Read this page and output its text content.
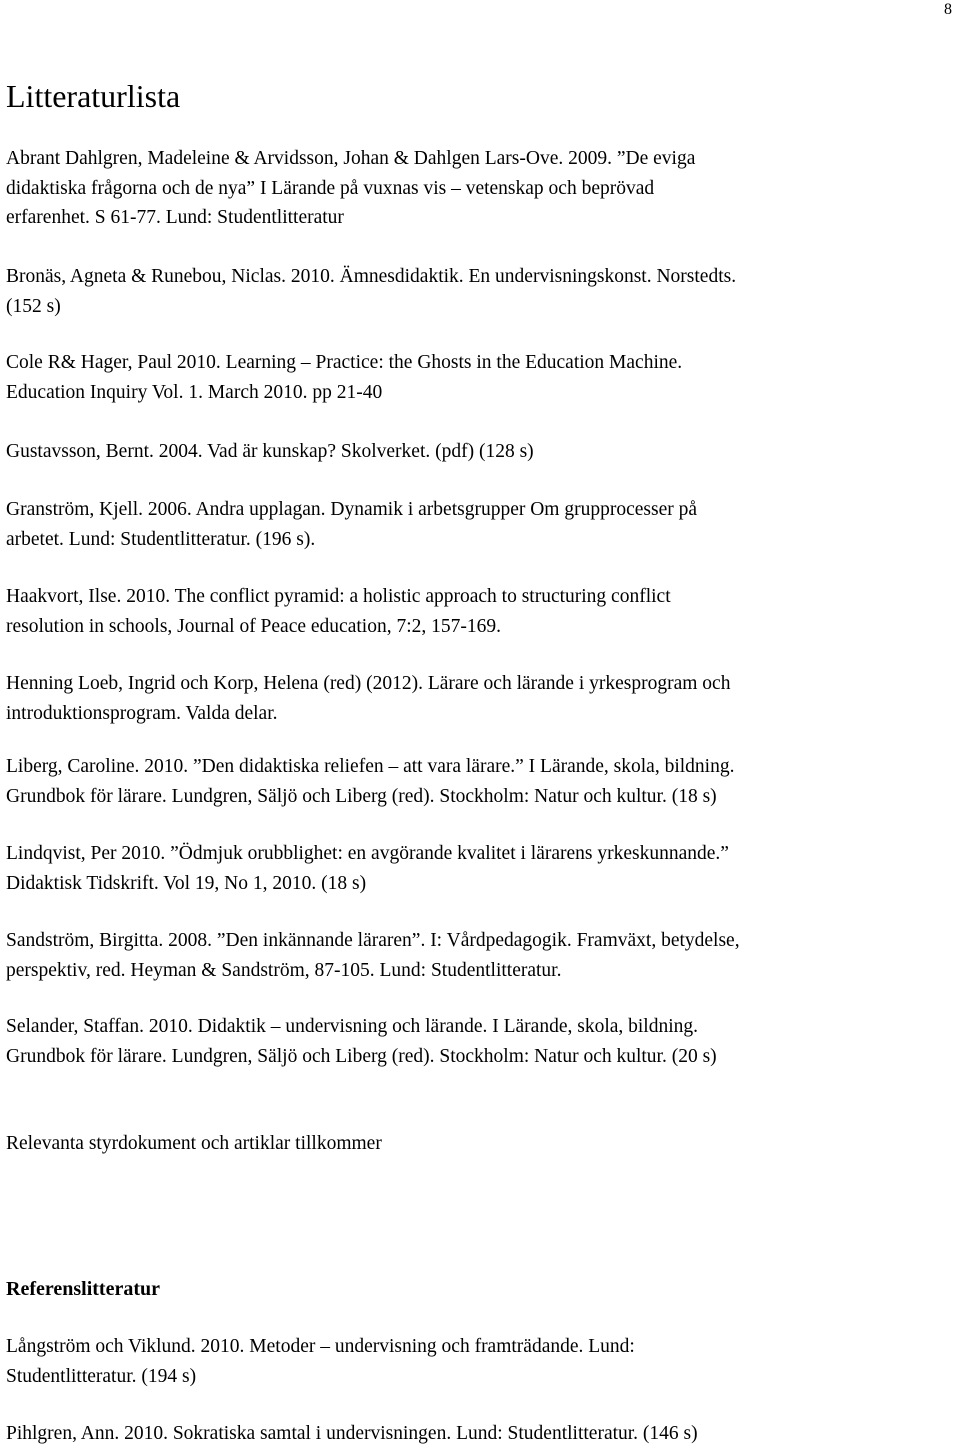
8
Litteraturlista
Abrant Dahlgren, Madeleine & Arvidsson, Johan & Dahlgen Lars-Ove. 2009. ”De eviga
didaktiska frågorna och de nya” I Lärande på vuxnas vis – vetenskap och beprövad
erfarenhet. S 61-77. Lund: Studentlitteratur
Bronäs, Agneta & Runebou, Niclas. 2010. Ämnesdidaktik. En undervisningskonst. Norstedts.
(152 s)
Cole R& Hager, Paul 2010. Learning – Practice: the Ghosts in the Education Machine.
Education Inquiry Vol. 1. March 2010. pp 21-40
Gustavsson, Bernt. 2004. Vad är kunskap? Skolverket. (pdf) (128 s)
Granström, Kjell. 2006. Andra upplagan. Dynamik i arbetsgrupper Om grupprocesser på
arbetet. Lund: Studentlitteratur. (196 s).
Haakvort, Ilse. 2010. The conflict pyramid: a holistic approach to structuring conflict
resolution in schools, Journal of Peace education, 7:2, 157-169.
Henning Loeb, Ingrid och Korp, Helena (red) (2012). Lärare och lärande i yrkesprogram och
introduktionsprogram. Valda delar.
Liberg, Caroline. 2010. ”Den didaktiska reliefen – att vara lärare.” I Lärande, skola, bildning.
Grundbok för lärare. Lundgren, Säljö och Liberg (red). Stockholm: Natur och kultur. (18 s)
Lindqvist, Per 2010. ”Ödmjuk orubblighet: en avgörande kvalitet i lärarens yrkeskunnande.”
Didaktisk Tidskrift. Vol 19, No 1, 2010. (18 s)
Sandström, Birgitta. 2008. ”Den inkännande läraren”. I: Vårdpedagogik. Framväxt, betydelse,
perspektiv, red. Heyman & Sandström, 87-105. Lund: Studentlitteratur.
Selander, Staffan. 2010. Didaktik – undervisning och lärande. I Lärande, skola, bildning.
Grundbok för lärare. Lundgren, Säljö och Liberg (red). Stockholm: Natur och kultur. (20 s)
Relevanta styrdokument och artiklar tillkommer
Referenslitteratur
Långström och Viklund. 2010. Metoder – undervisning och framträdande. Lund:
Studentlitteratur. (194 s)
Pihlgren, Ann. 2010. Sokratiska samtal i undervisningen. Lund: Studentlitteratur. (146 s)
